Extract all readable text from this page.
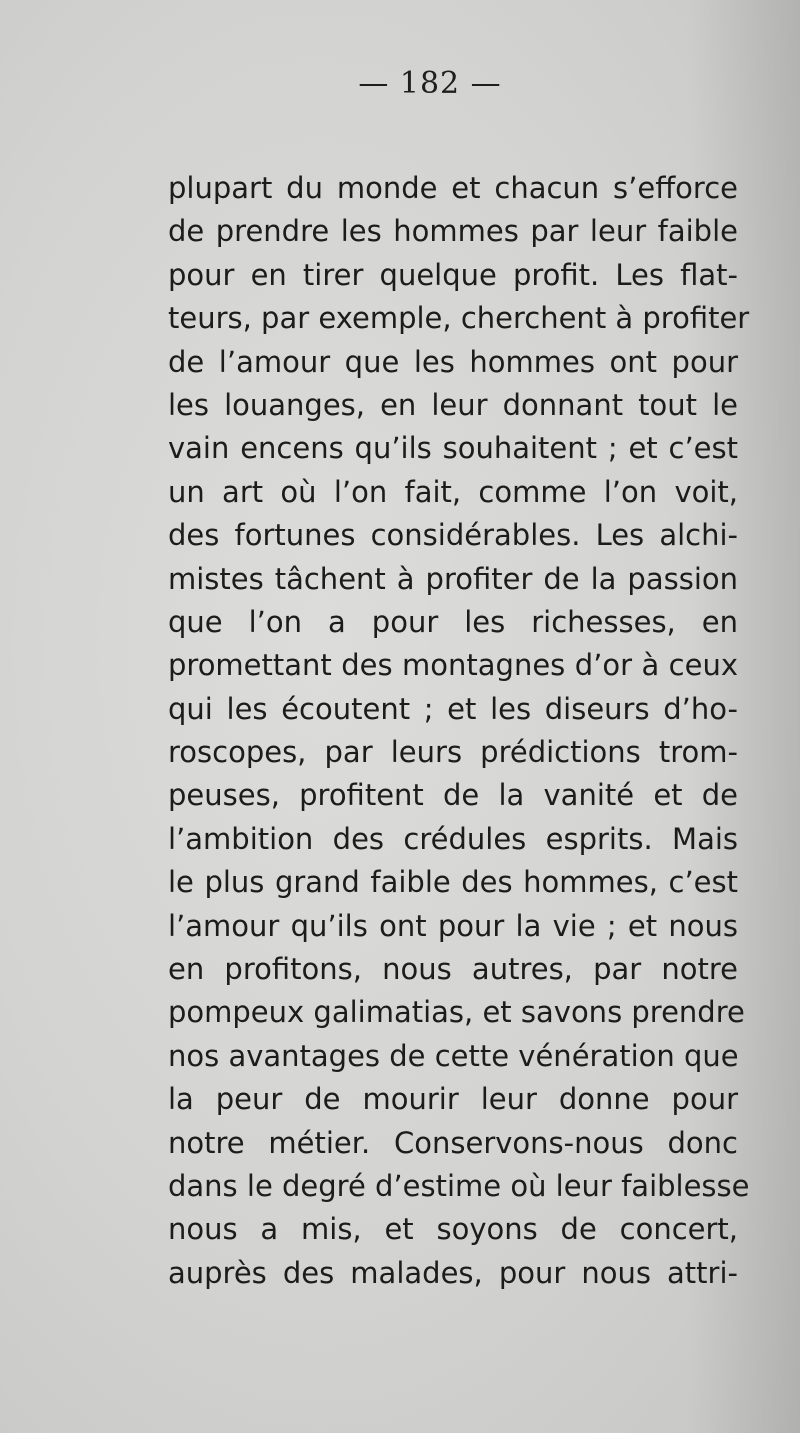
— 182 —
plupart du monde et chacun s’efforce
de prendre les hommes par leur faible
pour en tirer quelque profit. Les flat-
teurs, par exemple, cherchent à profiter
de l’amour que les hommes ont pour
les louanges, en leur donnant tout le
vain encens qu’ils souhaitent ; et c’est
un art où l’on fait, comme l’on voit,
des fortunes considérables. Les alchi-
mistes tâchent à profiter de la passion
que l’on a pour les richesses, en
promettant des montagnes d’or à ceux
qui les écoutent ; et les diseurs d’ho-
roscopes, par leurs prédictions trom-
peuses, profitent de la vanité et de
l’ambition des crédules esprits. Mais
le plus grand faible des hommes, c’est
l’amour qu’ils ont pour la vie ; et nous
en profitons, nous autres, par notre
pompeux galimatias, et savons prendre
nos avantages de cette vénération que
la peur de mourir leur donne pour
notre métier. Conservons-nous donc
dans le degré d’estime où leur faiblesse
nous a mis, et soyons de concert,
auprès des malades, pour nous attri-
